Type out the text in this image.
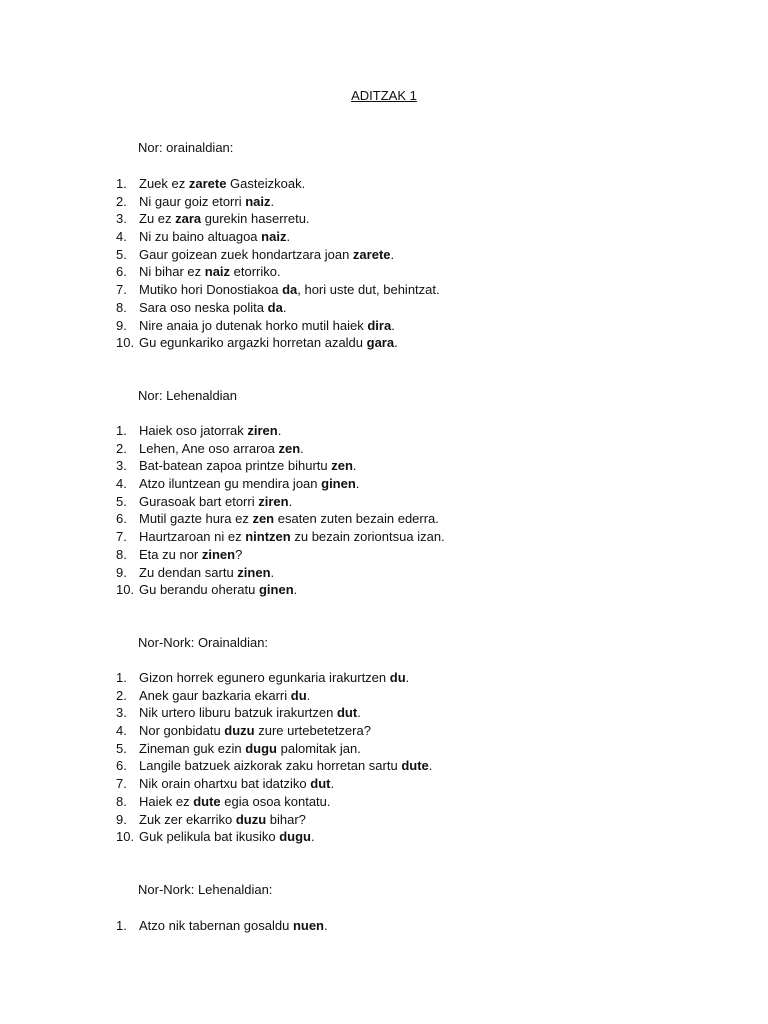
ADITZAK 1
Nor: orainaldian:
1. Zuek ez zarete Gasteizkoak.
2. Ni gaur goiz etorri naiz.
3. Zu ez zara gurekin haserretu.
4. Ni zu baino altuagoa naiz.
5. Gaur goizean zuek hondartzara joan zarete.
6. Ni bihar ez naiz etorriko.
7. Mutiko hori Donostiakoa da, hori uste dut, behintzat.
8. Sara oso neska polita da.
9. Nire anaia jo dutenak horko mutil haiek dira.
10. Gu egunkariko argazki horretan azaldu gara.
Nor: Lehenaldian
1. Haiek oso jatorrak ziren.
2. Lehen, Ane oso arraroa zen.
3. Bat-batean zapoa printze bihurtu zen.
4. Atzo iluntzean gu mendira joan ginen.
5. Gurasoak bart etorri ziren.
6. Mutil gazte hura ez zen esaten zuten bezain ederra.
7. Haurtzaroan ni ez nintzen zu bezain zoriontsua izan.
8. Eta zu nor zinen?
9. Zu dendan sartu zinen.
10. Gu berandu oheratu ginen.
Nor-Nork: Orainaldian:
1. Gizon horrek egunero egunkaria irakurtzen du.
2. Anek gaur bazkaria ekarri du.
3. Nik urtero liburu batzuk irakurtzen dut.
4. Nor gonbidatu duzu zure urtebetetzera?
5. Zineman guk ezin dugu palomitak jan.
6. Langile batzuek aizkorak zaku horretan sartu dute.
7. Nik orain ohartxu bat idatziko dut.
8. Haiek ez dute egia osoa kontatu.
9. Zuk zer ekarriko duzu bihar?
10. Guk pelikula bat ikusiko dugu.
Nor-Nork: Lehenaldian:
1. Atzo nik tabernan gosaldu nuen.
